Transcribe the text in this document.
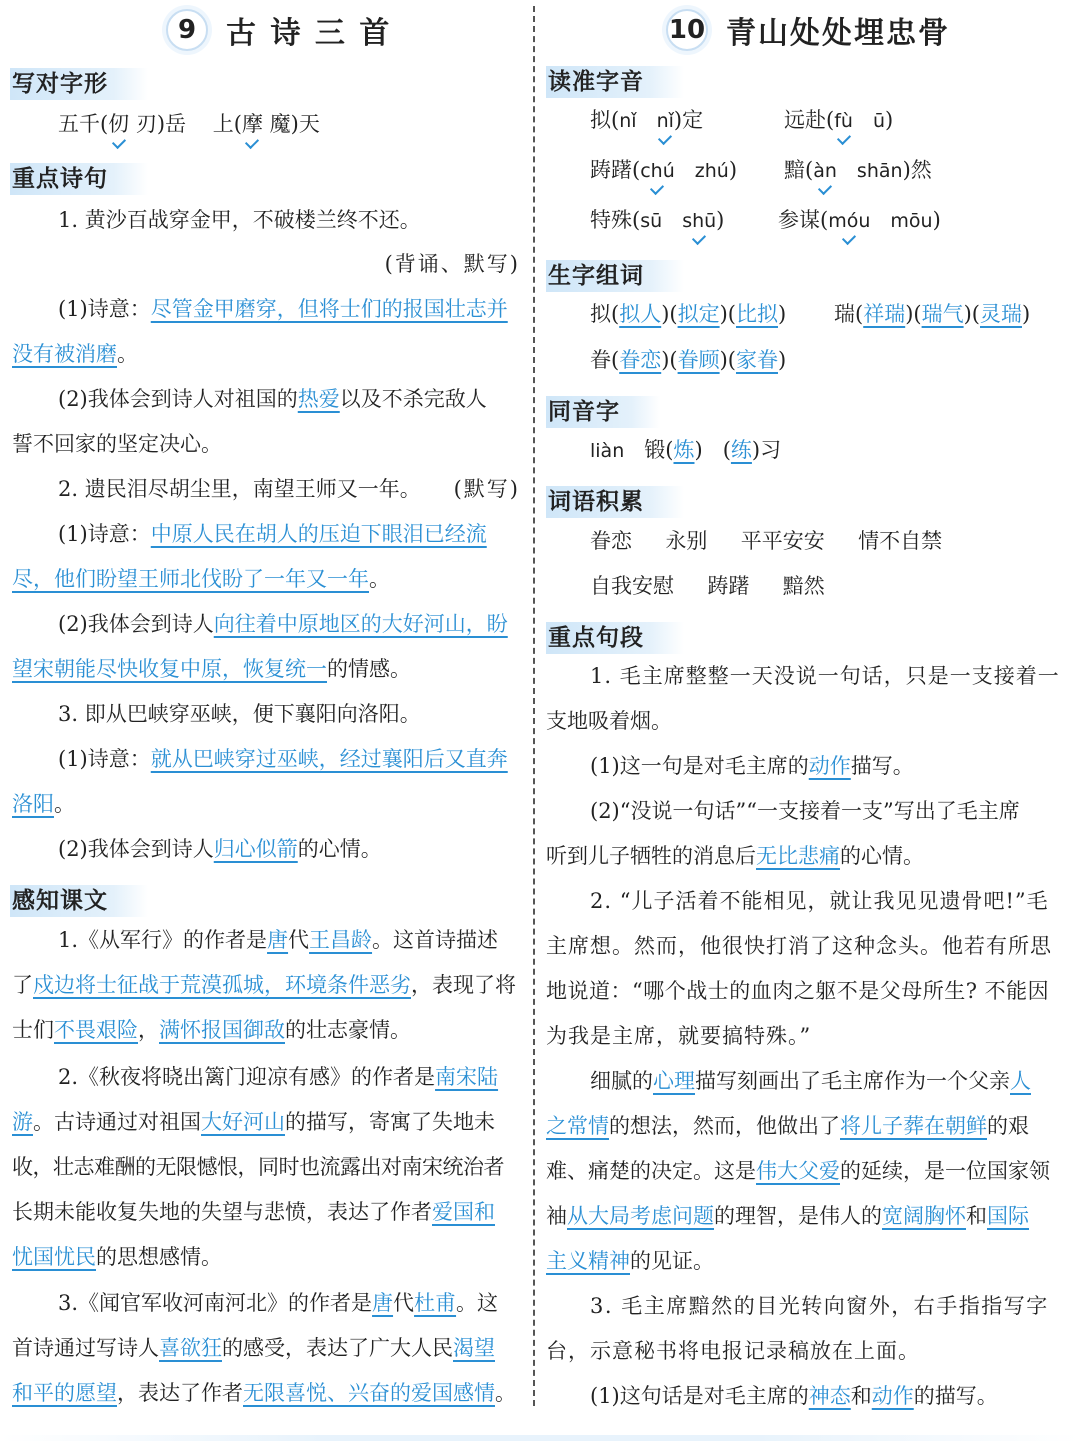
9 古 诗 三 首
写对字形
五千(仞 刃)岳 上(摩 魔)天
重点诗句
1. 黄沙百战穿金甲，不破楼兰终不还。
(背诵、默写)
(1)诗意：尽管金甲磨穿，但将士们的报国壮志并
没有被消磨。
(2)我体会到诗人对祖国的热爱以及不杀完敌人
誓不回家的坚定决心。
2. 遗民泪尽胡尘里，南望王师又一年。 (默写)
(1)诗意：中原人民在胡人的压迫下眼泪已经流
尽，他们盼望王师北伐盼了一年又一年。
(2)我体会到诗人向往着中原地区的大好河山，盼
望宋朝能尽快收复中原，恢复统一的情感。
3. 即从巴峡穿巫峡，便下襄阳向洛阳。
(1)诗意：就从巴峡穿过巫峡，经过襄阳后又直奔
洛阳。
(2)我体会到诗人归心似箭的心情。
感知课文
1.《从军行》的作者是唐代王昌龄。这首诗描述
了戍边将士征战于荒漠孤城，环境条件恶劣，表现了将
士们不畏艰险，满怀报国御敌的壮志豪情。
2.《秋夜将晓出篱门迎凉有感》的作者是南宋陆
游。古诗通过对祖国大好河山的描写，寄寓了失地未
收，壮志难酬的无限憾恨，同时也流露出对南宋统治者
长期未能收复失地的失望与悲愤，表达了作者爱国和
忧国忧民的思想感情。
3.《闻官军收河南河北》的作者是唐代杜甫。这
首诗通过写诗人喜欲狂的感受，表达了广大人民渴望
和平的愿望，表达了作者无限喜悦、兴奋的爱国感情。
10 青山处处埋忠骨
读准字音
拟(nǐ nǐ)定	远赴(fù ū)
踌躇(chú zhú) 黯(àn shān)然
特殊(sū shū)	参谋(móu mōu)
生字组词
拟(拟人)(拟定)(比拟) 瑞(祥瑞)(瑞气)(灵瑞)
眷(眷恋)(眷顾)(家眷)
同音字
liàn 锻(炼) (练)习
词语积累
眷恋     永别     平平安安     情不自禁
自我安慰     踌躇     黯然
重点句段
1. 毛主席整整一天没说一句话，只是一支接着一
支地吸着烟。
(1)这一句是对毛主席的动作描写。
(2)“没说一句话”“一支接着一支”写出了毛主席
听到儿子牺牲的消息后无比悲痛的心情。
2. “儿子活着不能相见，就让我见见遗骨吧!”毛
主席想。然而，他很快打消了这种念头。他若有所思
地说道：“哪个战士的血肉之躯不是父母所生? 不能因
为我是主席，就要搞特殊。”
细腻的心理描写刻画出了毛主席作为一个父亲人
之常情的想法，然而，他做出了将儿子葬在朝鲜的艰
难、痛楚的决定。这是伟大父爱的延续，是一位国家领
袖从大局考虑问题的理智，是伟人的宽阔胸怀和国际
主义精神的见证。
3. 毛主席黯然的目光转向窗外，右手指指写字
台，示意秘书将电报记录稿放在上面。
(1)这句话是对毛主席的神态和动作的描写。
